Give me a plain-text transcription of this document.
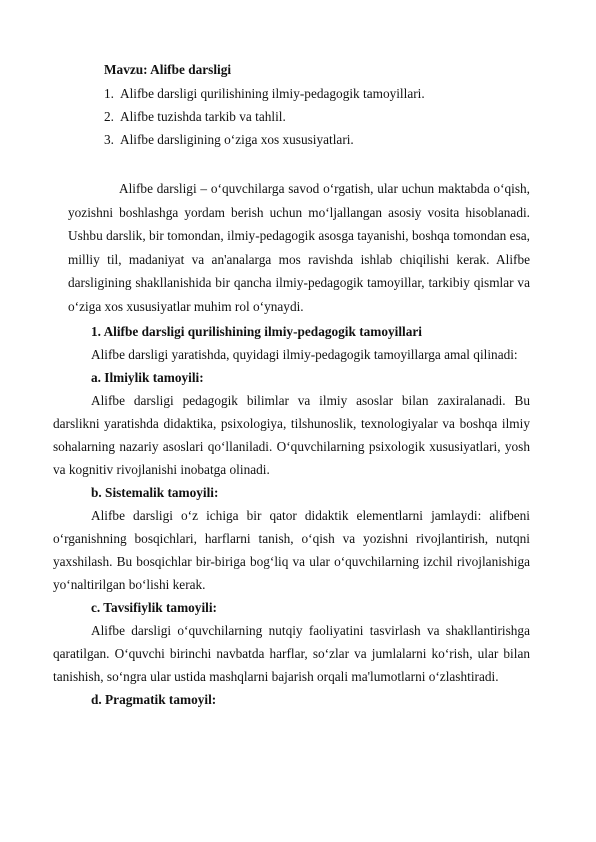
Mavzu: Alifbe darsligi
1. Alifbe darsligi qurilishining ilmiy-pedagogik tamoyillari.
2. Alifbe tuzishda tarkib va tahlil.
3. Alifbe darsligining o‘ziga xos xususiyatlari.

Alifbe darsligi – o‘quvchilarga savod o‘rgatish, ular uchun maktabda o‘qish, yozishni boshlashga yordam berish uchun mo‘ljallangan asosiy vosita hisoblanadi. Ushbu darslik, bir tomondan, ilmiy-pedagogik asosga tayanishi, boshqa tomondan esa, milliy til, madaniyat va an'analarga mos ravishda ishlab chiqilishi kerak. Alifbe darsligining shakllanishida bir qancha ilmiy-pedagogik tamoyillar, tarkibiy qismlar va o‘ziga xos xususiyatlar muhim rol o‘ynaydi.

1. Alifbe darsligi qurilishining ilmiy-pedagogik tamoyillari

Alifbe darsligi yaratishda, quyidagi ilmiy-pedagogik tamoyillarga amal qilinadi:

a. Ilmiylik tamoyili:

Alifbe darsligi pedagogik bilimlar va ilmiy asoslar bilan zaxiralanadi. Bu darslikni yaratishda didaktika, psixologiya, tilshunoslik, texnologiyalar va boshqa ilmiy sohalarning nazariy asoslari qo‘llaniladi. O‘quvchilarning psixologik xususiyatlari, yosh va kognitiv rivojlanishi inobatga olinadi.

b. Sistemalik tamoyili:

Alifbe darsligi o‘z ichiga bir qator didaktik elementlarni jamlaydi: alifbeni o‘rganishning bosqichlari, harflarni tanish, o‘qish va yozishni rivojlantirish, nutqni yaxshilash. Bu bosqichlar bir-biriga bog‘liq va ular o‘quvchilarning izchil rivojlanishiga yo‘naltirilgan bo‘lishi kerak.

c. Tavsifiylik tamoyili:

Alifbe darsligi o‘quvchilarning nutqiy faoliyatini tasvirlash va shakllantirishga qaratilgan. O‘quvchi birinchi navbatda harflar, so‘zlar va jumlalarni ko‘rish, ular bilan tanishish, so‘ngra ular ustida mashqlarni bajarish orqali ma'lumotlarni o‘zlashtiradi.

d. Pragmatik tamoyil:
